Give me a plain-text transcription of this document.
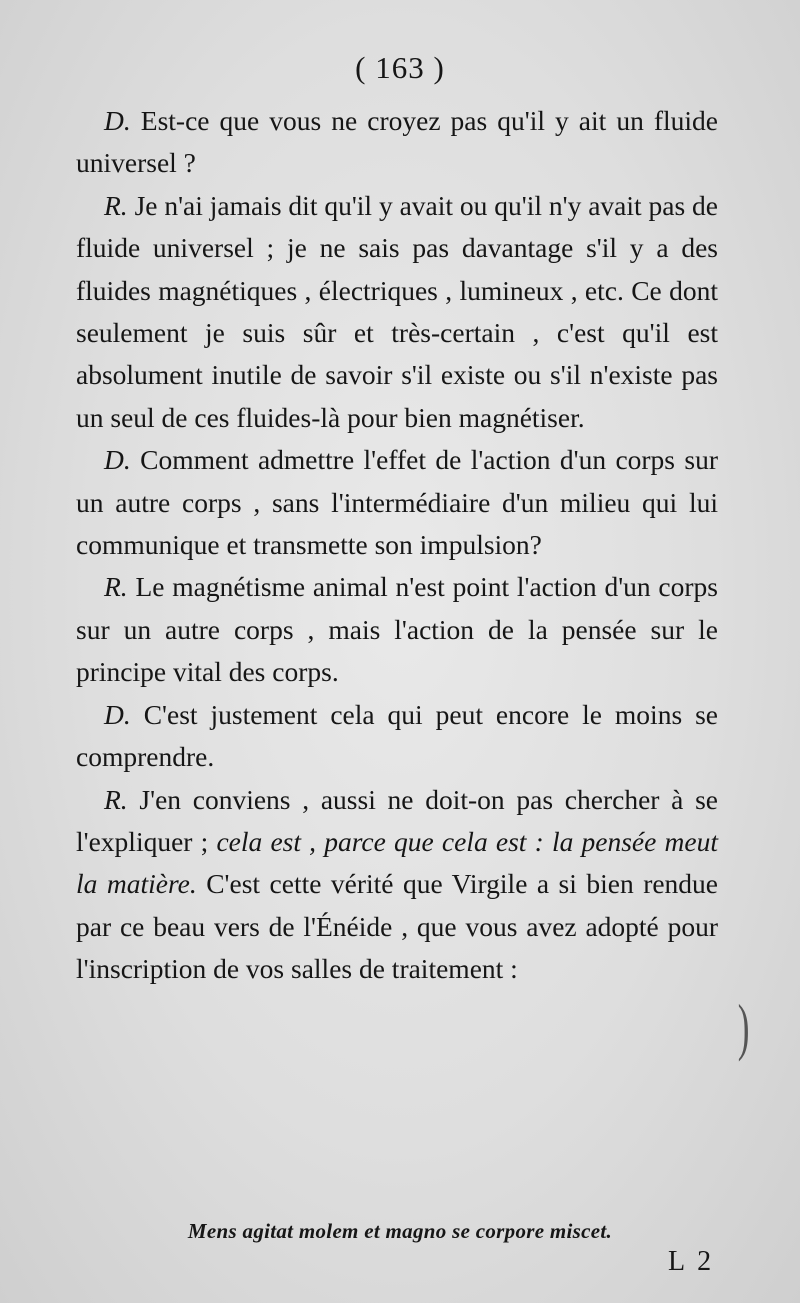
( 163 )

D. Est-ce que vous ne croyez pas qu'il y ait un fluide universel ?

R. Je n'ai jamais dit qu'il y avait ou qu'il n'y avait pas de fluide universel ; je ne sais pas davantage s'il y a des fluides magnétiques , électriques , lumineux , etc. Ce dont seulement je suis sûr et très-certain , c'est qu'il est absolument inutile de savoir s'il existe ou s'il n'existe pas un seul de ces fluides-là pour bien magnétiser.

D. Comment admettre l'effet de l'action d'un corps sur un autre corps , sans l'intermédiaire d'un milieu qui lui communique et transmette son impulsion?

R. Le magnétisme animal n'est point l'action d'un corps sur un autre corps , mais l'action de la pensée sur le principe vital des corps.

D. C'est justement cela qui peut encore le moins se comprendre.

R. J'en conviens , aussi ne doit-on pas chercher à se l'expliquer ; cela est , parce que cela est : la pensée meut la matière. C'est cette vérité que Virgile a si bien rendue par ce beau vers de l'Énéide , que vous avez adopté pour l'inscription de vos salles de traitement :

Mens agitat molem et magno se corpore miscet.
L 2
)
